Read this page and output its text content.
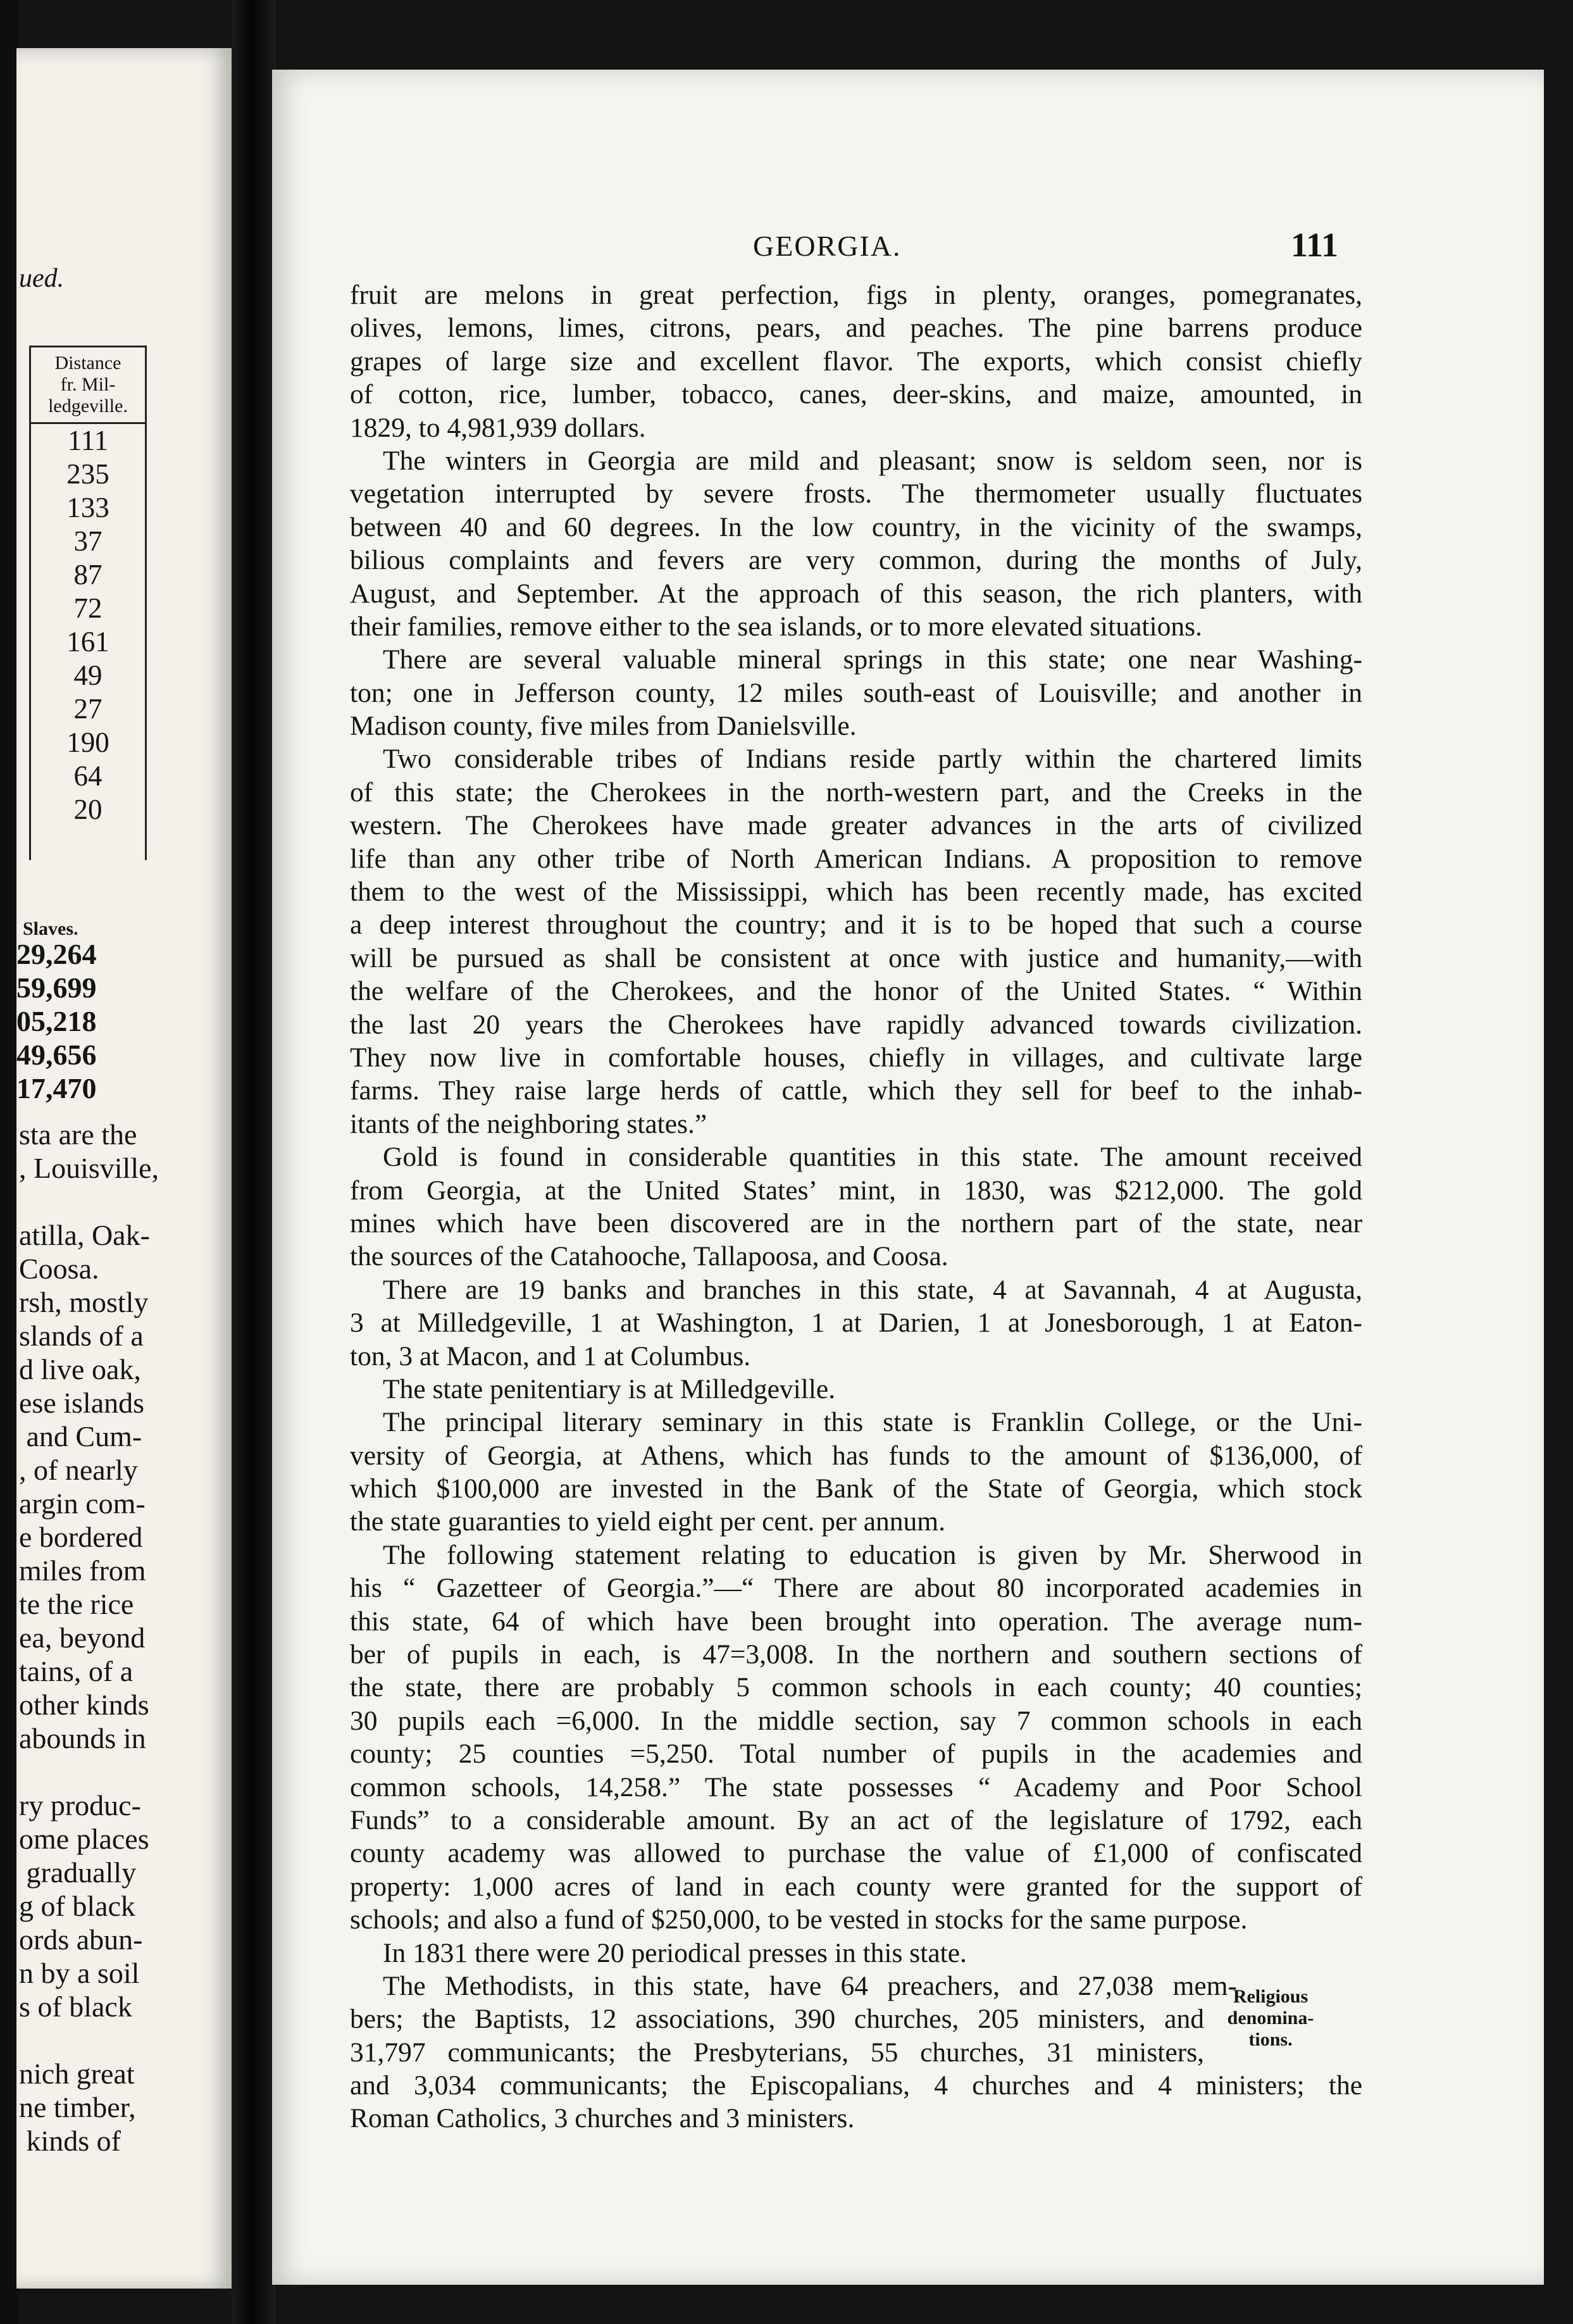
ued.
Distance
fr. Mil-
ledgeville.
111
235
133
37
87
72
161
49
27
190
64
20
Slaves.
29,264
59,699
05,218
49,656
17,470
sta are the
, Louisville,
atilla, Oak-
Coosa.
rsh, mostly
slands of a
d live oak,
ese islands
and Cum-
, of nearly
argin com-
e bordered
miles from
te the rice
ea, beyond
tains, of a
other kinds
abounds in
ry produc-
ome places
gradually
g of black
ords abun-
n by a soil
s of black
nich great
ne timber,
kinds of
GEORGIA.	111
fruit are melons in great perfection, figs in plenty, oranges, pomegranates,
olives, lemons, limes, citrons, pears, and peaches. The pine barrens produce
grapes of large size and excellent flavor. The exports, which consist chiefly
of cotton, rice, lumber, tobacco, canes, deer-skins, and maize, amounted, in
1829, to 4,981,939 dollars.
The winters in Georgia are mild and pleasant; snow is seldom seen, nor is
vegetation interrupted by severe frosts. The thermometer usually fluctuates
between 40 and 60 degrees. In the low country, in the vicinity of the swamps,
bilious complaints and fevers are very common, during the months of July,
August, and September. At the approach of this season, the rich planters, with
their families, remove either to the sea islands, or to more elevated situations.
There are several valuable mineral springs in this state; one near Washing-
ton; one in Jefferson county, 12 miles south-east of Louisville; and another in
Madison county, five miles from Danielsville.
Two considerable tribes of Indians reside partly within the chartered limits
of this state; the Cherokees in the north-western part, and the Creeks in the
western. The Cherokees have made greater advances in the arts of civilized
life than any other tribe of North American Indians. A proposition to remove
them to the west of the Mississippi, which has been recently made, has excited
a deep interest throughout the country; and it is to be hoped that such a course
will be pursued as shall be consistent at once with justice and humanity,—with
the welfare of the Cherokees, and the honor of the United States. “ Within
the last 20 years the Cherokees have rapidly advanced towards civilization.
They now live in comfortable houses, chiefly in villages, and cultivate large
farms. They raise large herds of cattle, which they sell for beef to the inhab-
itants of the neighboring states.”
Gold is found in considerable quantities in this state. The amount received
from Georgia, at the United States’ mint, in 1830, was $212,000. The gold
mines which have been discovered are in the northern part of the state, near
the sources of the Catahooche, Tallapoosa, and Coosa.
There are 19 banks and branches in this state, 4 at Savannah, 4 at Augusta,
3 at Milledgeville, 1 at Washington, 1 at Darien, 1 at Jonesborough, 1 at Eaton-
ton, 3 at Macon, and 1 at Columbus.
The state penitentiary is at Milledgeville.
The principal literary seminary in this state is Franklin College, or the Uni-
versity of Georgia, at Athens, which has funds to the amount of $136,000, of
which $100,000 are invested in the Bank of the State of Georgia, which stock
the state guaranties to yield eight per cent. per annum.
The following statement relating to education is given by Mr. Sherwood in
his “ Gazetteer of Georgia.”—“ There are about 80 incorporated academies in
this state, 64 of which have been brought into operation. The average num-
ber of pupils in each, is 47=3,008. In the northern and southern sections of
the state, there are probably 5 common schools in each county; 40 counties;
30 pupils each =6,000. In the middle section, say 7 common schools in each
county; 25 counties =5,250. Total number of pupils in the academies and
common schools, 14,258.” The state possesses “ Academy and Poor School
Funds” to a considerable amount. By an act of the legislature of 1792, each
county academy was allowed to purchase the value of £1,000 of confiscated
property: 1,000 acres of land in each county were granted for the support of
schools; and also a fund of $250,000, to be vested in stocks for the same purpose.
In 1831 there were 20 periodical presses in this state.
The Methodists, in this state, have 64 preachers, and 27,038 mem-
bers; the Baptists, 12 associations, 390 churches, 205 ministers, and
31,797 communicants; the Presbyterians, 55 churches, 31 ministers,
and 3,034 communicants; the Episcopalians, 4 churches and 4 ministers; the
Roman Catholics, 3 churches and 3 ministers.
Religious
denomina-
tions.
